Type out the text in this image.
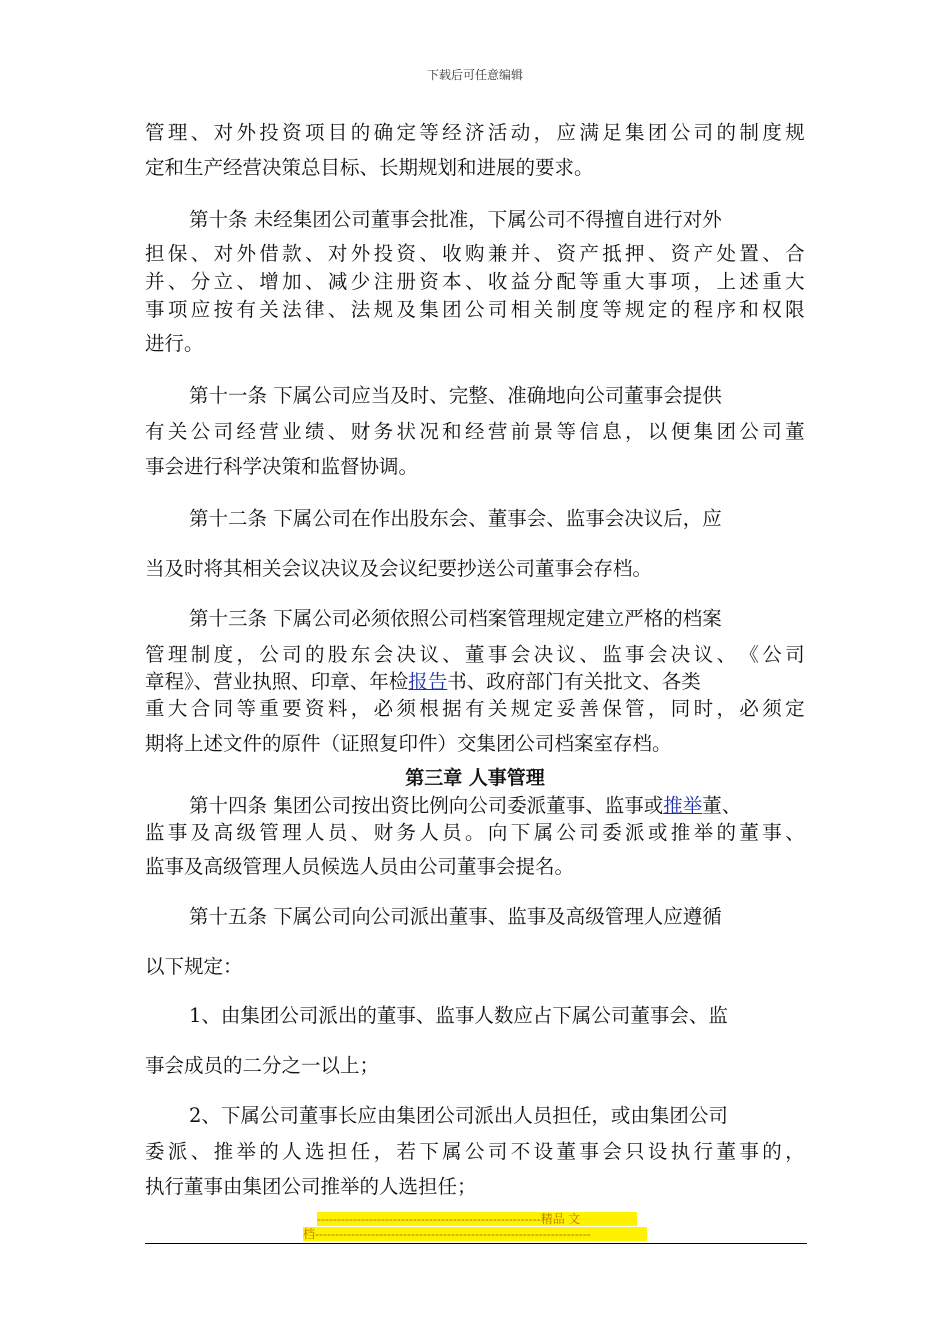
下载后可任意编辑
管 理 、 对 外 投 资 项 目 的 确 定 等 经 济 活 动 ， 应 满 足 集 团 公 司 的 制 度 规
定和生产经营决策总目标、长期规划和进展的要求。
第十条 未经集团公司董事会批准，下属公司不得擅自进行对外
担 保 、 对 外 借 款 、 对 外 投 资 、 收 购 兼 并 、 资 产 抵 押 、 资 产 处 置 、 合
并 、 分 立 、 增 加 、 减 少 注 册 资 本 、 收 益 分 配 等 重 大 事 项 ， 上 述 重 大
事 项 应 按 有 关 法 律 、 法 规 及 集 团 公 司 相 关 制 度 等 规 定 的 程 序 和 权 限
进行。
第十一条 下属公司应当及时、完整、准确地向公司董事会提供
有 关 公 司 经 营 业 绩 、 财 务 状 况 和 经 营 前 景 等 信 息 ， 以 便 集 团 公 司 董
事会进行科学决策和监督协调。
第十二条 下属公司在作出股东会、董事会、监事会决议后，应
当及时将其相关会议决议及会议纪要抄送公司董事会存档。
第十三条 下属公司必须依照公司档案管理规定建立严格的档案
管 理 制 度 ， 公 司 的 股 东 会 决 议 、 董 事 会 决 议 、 监 事 会 决 议 、 《 公 司
章程》、营业执照、印章、年检报告书、政府部门有关批文、各类
重 大 合 同 等 重 要 资 料 ， 必 须 根 据 有 关 规 定 妥 善 保 管 ， 同 时 ， 必 须 定
期将上述文件的原件（证照复印件）交集团公司档案室存档。
第三章 人事管理
第十四条 集团公司按出资比例向公司委派董事、监事或推举董、
监 事 及 高 级 管 理 人 员 、 财 务 人 员 。 向 下 属 公 司 委 派 或 推 举 的 董 事 、
监事及高级管理人员候选人员由公司董事会提名。
第十五条 下属公司向公司派出董事、监事及高级管理人应遵循
以下规定：
1、由集团公司派出的董事、监事人数应占下属公司董事会、监
事会成员的二分之一以上；
2、下属公司董事长应由集团公司派出人员担任，或由集团公司
委 派 、 推 举 的 人 选 担 任 ， 若 下 属 公 司 不 设 董 事 会 只 设 执 行 董 事 的 ，
执行董事由集团公司推举的人选担任；
--------------------------------------------------------精品 文
档---------------------------------------------------------------------
